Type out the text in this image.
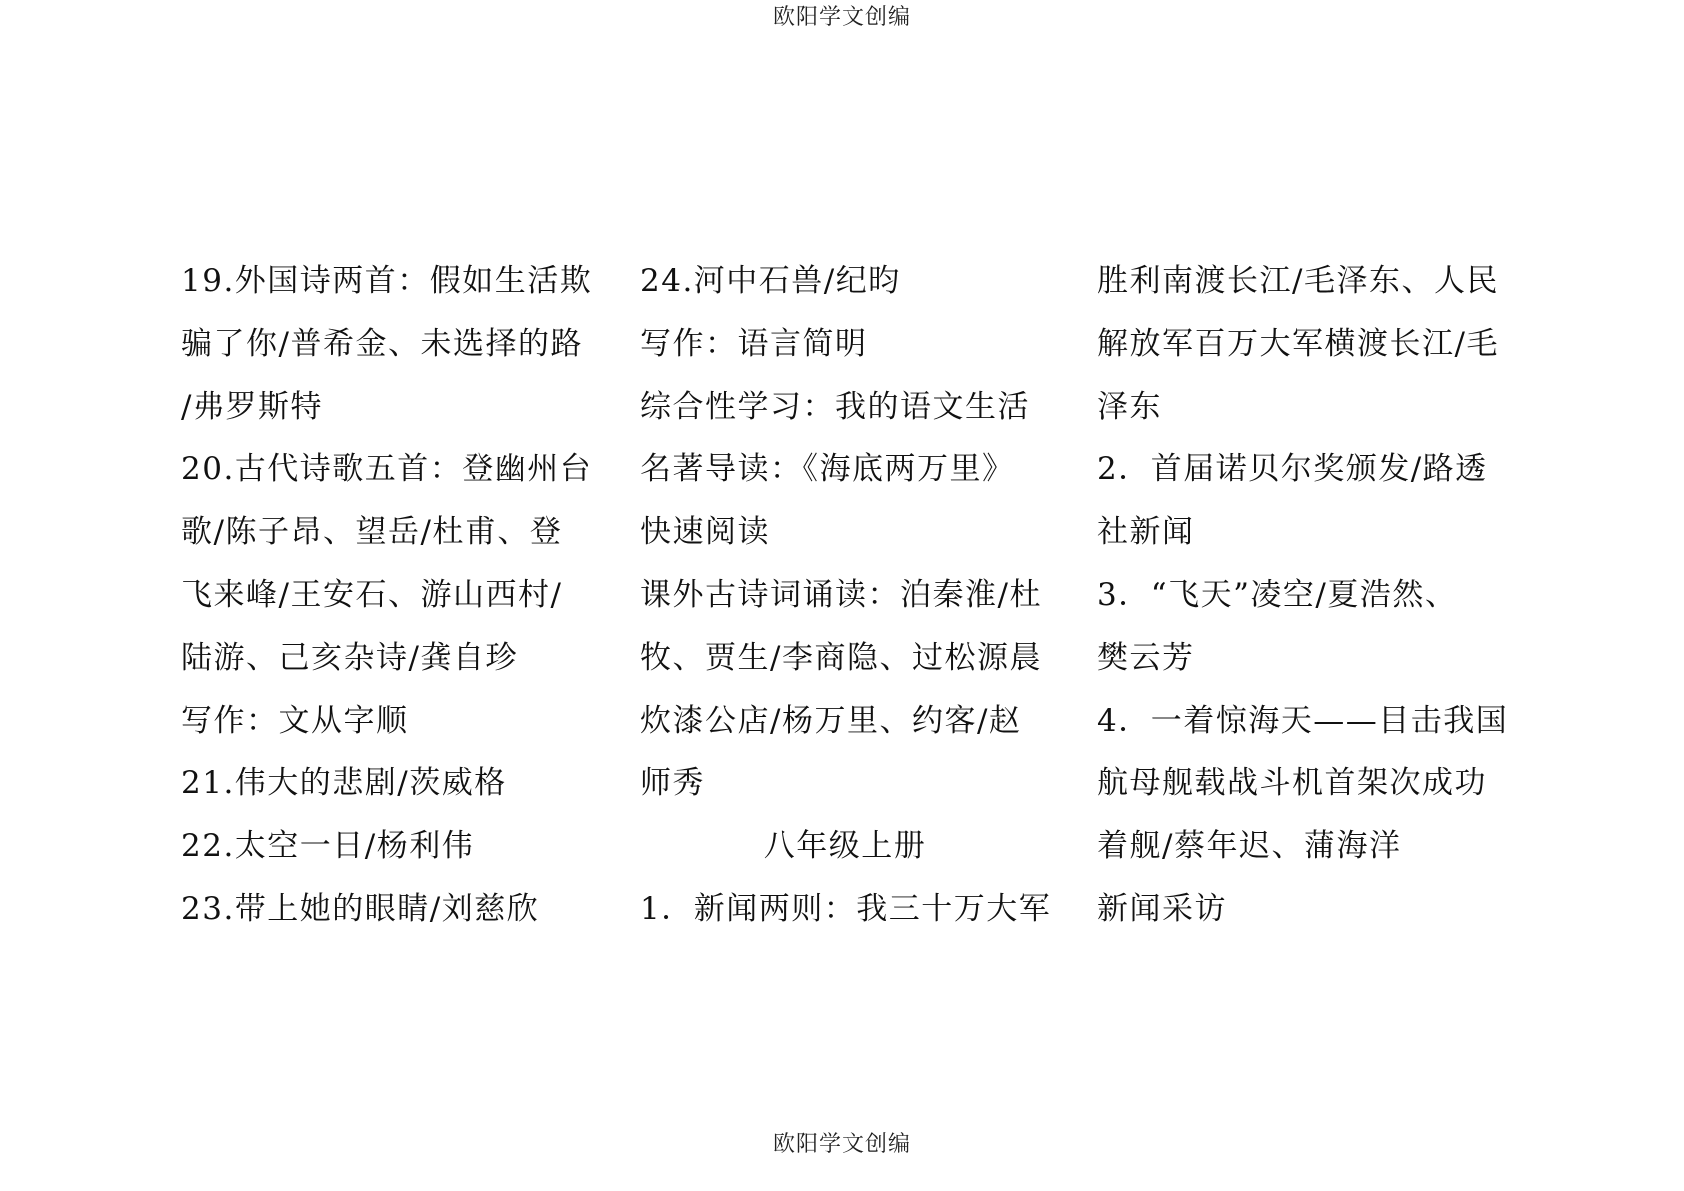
欧阳学文创编
19.外国诗两首：假如生活欺
骗了你/普希金、未选择的路
/弗罗斯特
20.古代诗歌五首：登幽州台
歌/陈子昂、望岳/杜甫、登
飞来峰/王安石、游山西村/
陆游、己亥杂诗/龚自珍
写作：文从字顺
21.伟大的悲剧/茨威格
22.太空一日/杨利伟
23.带上她的眼睛/刘慈欣
24.河中石兽/纪昀
写作：语言简明
综合性学习：我的语文生活
名著导读：《海底两万里》
快速阅读
课外古诗词诵读：泊秦淮/杜
牧、贾生/李商隐、过松源晨
炊漆公店/杨万里、约客/赵
师秀
八年级上册
1．新闻两则：我三十万大军
胜利南渡长江/毛泽东、人民
解放军百万大军横渡长江/毛
泽东
2．首届诺贝尔奖颁发/路透
社新闻
3．“飞天”凌空/夏浩然、
樊云芳
4．一着惊海天——目击我国
航母舰载战斗机首架次成功
着舰/蔡年迟、蒲海洋
新闻采访
欧阳学文创编
